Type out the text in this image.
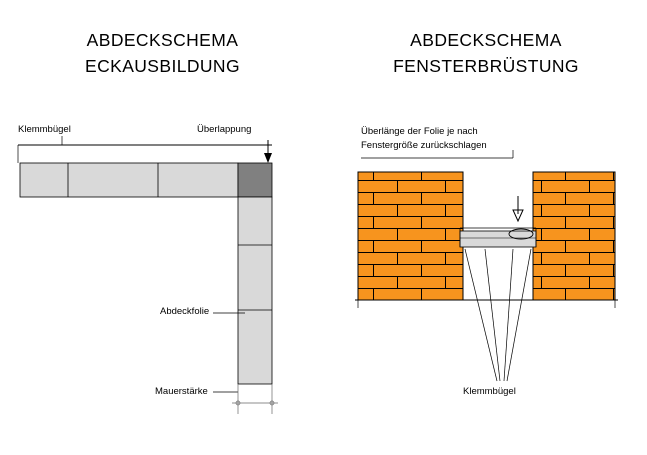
ABDECKSCHEMA
ECKAUSBILDUNG
Klemmbügel	Überlappung
Abdeckfolie
Mauerstärke
ABDECKSCHEMA
FENSTERBRÜSTUNG
Überlänge der Folie je nach
Fenstergröße zurückschlagen
Klemmbügel
